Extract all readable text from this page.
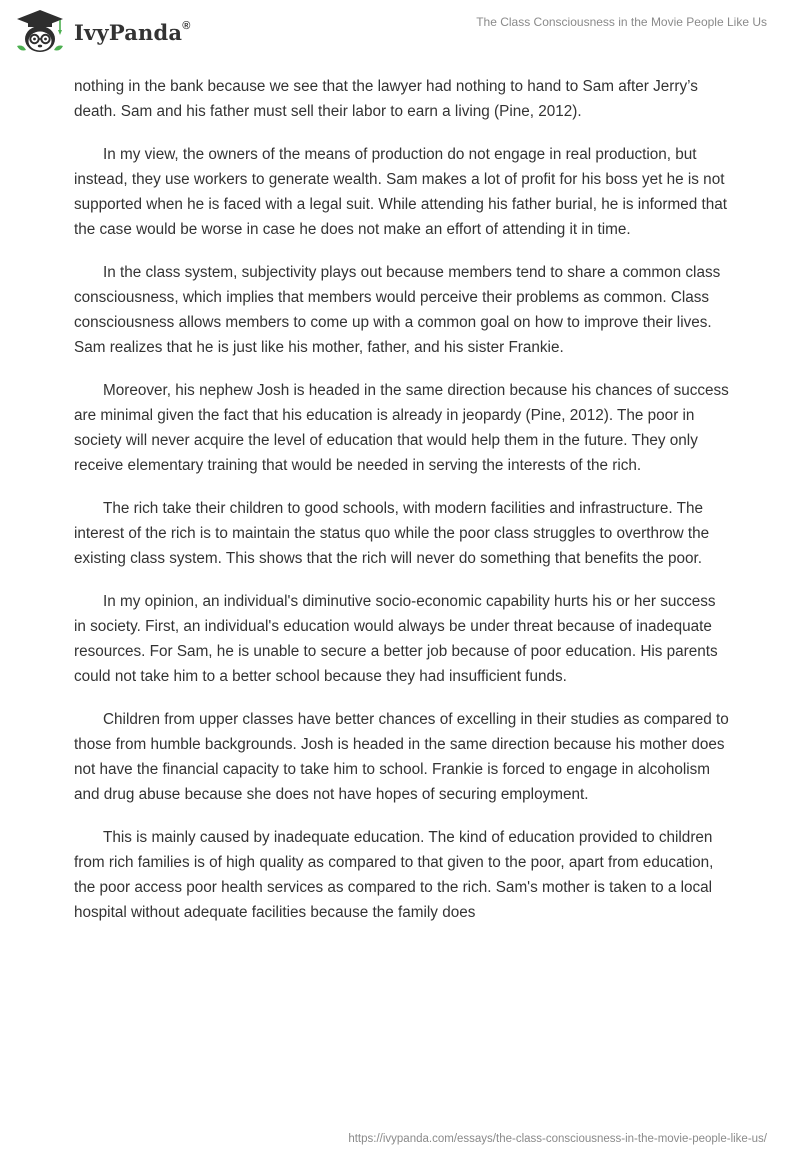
IvyPanda®	The Class Consciousness in the Movie People Like Us

nothing in the bank because we see that the lawyer had nothing to hand to Sam after Jerry’s death. Sam and his father must sell their labor to earn a living (Pine, 2012).

In my view, the owners of the means of production do not engage in real production, but instead, they use workers to generate wealth. Sam makes a lot of profit for his boss yet he is not supported when he is faced with a legal suit. While attending his father burial, he is informed that the case would be worse in case he does not make an effort of attending it in time.

In the class system, subjectivity plays out because members tend to share a common class consciousness, which implies that members would perceive their problems as common. Class consciousness allows members to come up with a common goal on how to improve their lives. Sam realizes that he is just like his mother, father, and his sister Frankie.

Moreover, his nephew Josh is headed in the same direction because his chances of success are minimal given the fact that his education is already in jeopardy (Pine, 2012). The poor in society will never acquire the level of education that would help them in the future. They only receive elementary training that would be needed in serving the interests of the rich.

The rich take their children to good schools, with modern facilities and infrastructure. The interest of the rich is to maintain the status quo while the poor class struggles to overthrow the existing class system. This shows that the rich will never do something that benefits the poor.

In my opinion, an individual's diminutive socio-economic capability hurts his or her success in society. First, an individual's education would always be under threat because of inadequate resources. For Sam, he is unable to secure a better job because of poor education. His parents could not take him to a better school because they had insufficient funds.

Children from upper classes have better chances of excelling in their studies as compared to those from humble backgrounds. Josh is headed in the same direction because his mother does not have the financial capacity to take him to school. Frankie is forced to engage in alcoholism and drug abuse because she does not have hopes of securing employment.

This is mainly caused by inadequate education. The kind of education provided to children from rich families is of high quality as compared to that given to the poor, apart from education, the poor access poor health services as compared to the rich. Sam's mother is taken to a local hospital without adequate facilities because the family does

https://ivypanda.com/essays/the-class-consciousness-in-the-movie-people-like-us/
